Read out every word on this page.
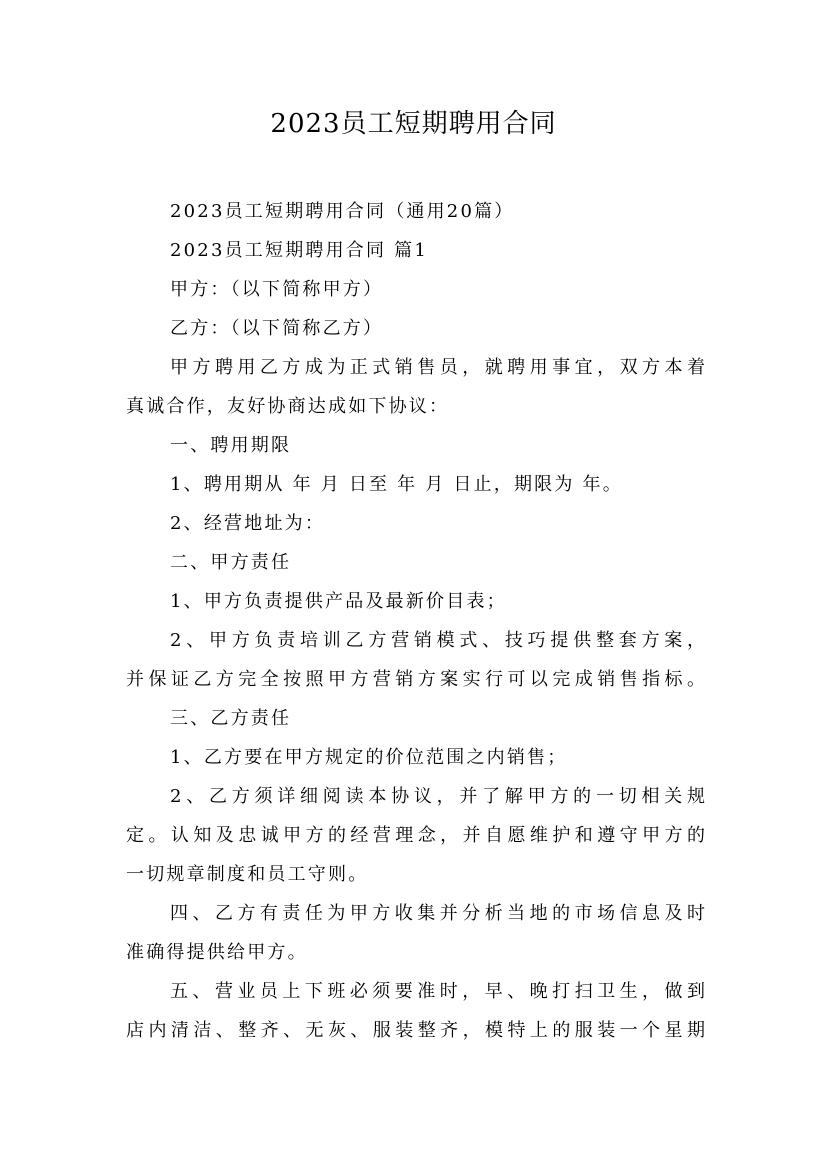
2023员工短期聘用合同
2023员工短期聘用合同（通用20篇）
2023员工短期聘用合同 篇1
甲方：（以下简称甲方）
乙方：（以下简称乙方）
甲方聘用乙方成为正式销售员，就聘用事宜，双方本着
真诚合作，友好协商达成如下协议：
一、聘用期限
1、聘用期从 年 月 日至 年 月 日止，期限为 年。
2、经营地址为：
二、甲方责任
1、甲方负责提供产品及最新价目表；
2、甲方负责培训乙方营销模式、技巧提供整套方案，
并保证乙方完全按照甲方营销方案实行可以完成销售指标。
三、乙方责任
1、乙方要在甲方规定的价位范围之内销售；
2、乙方须详细阅读本协议，并了解甲方的一切相关规
定。认知及忠诚甲方的经营理念，并自愿维护和遵守甲方的
一切规章制度和员工守则。
四、乙方有责任为甲方收集并分析当地的市场信息及时
准确得提供给甲方。
五、营业员上下班必须要准时，早、晚打扫卫生，做到
店内清洁、整齐、无灰、服装整齐，模特上的服装一个星期
